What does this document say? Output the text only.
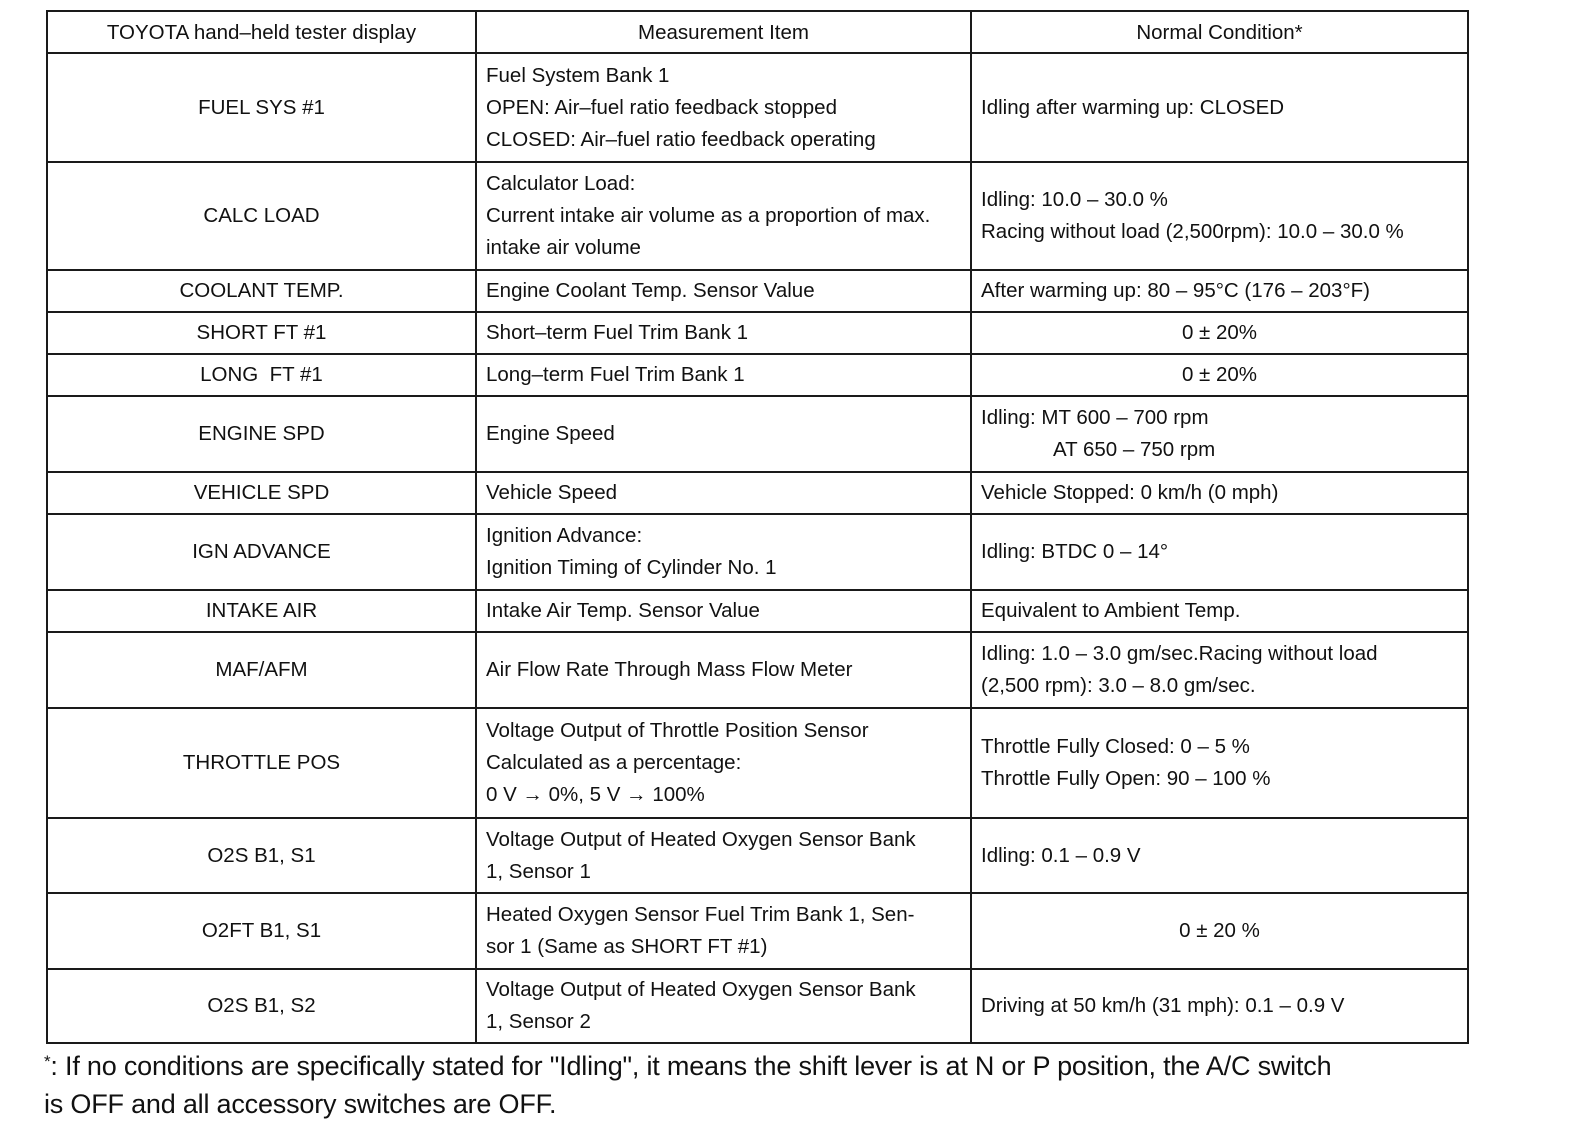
TOYOTA hand–held tester display	Measurement Item	Normal Condition*
FUEL SYS #1	Fuel System Bank 1
OPEN: Air–fuel ratio feedback stopped
CLOSED: Air–fuel ratio feedback operating	Idling after warming up: CLOSED

CALC LOAD	Calculator Load:
Current intake air volume as a proportion of max.
intake air volume	Idling: 10.0 – 30.0 %
Racing without load (2,500rpm): 10.0 – 30.0 %

COOLANT TEMP.	Engine Coolant Temp. Sensor Value	After warming up: 80 – 95°C (176 – 203°F)

SHORT FT #1	Short–term Fuel Trim Bank 1	0 ± 20%

LONG  FT #1	Long–term Fuel Trim Bank 1	0 ± 20%

ENGINE SPD	Engine Speed	Idling: MT 600 – 700 rpm
AT 650 – 750 rpm

VEHICLE SPD	Vehicle Speed	Vehicle Stopped: 0 km/h (0 mph)

IGN ADVANCE	Ignition Advance:
Ignition Timing of Cylinder No. 1	Idling: BTDC 0 – 14°

INTAKE AIR	Intake Air Temp. Sensor Value	Equivalent to Ambient Temp.

MAF/AFM	Air Flow Rate Through Mass Flow Meter	Idling: 1.0 – 3.0 gm/sec.Racing without load
(2,500 rpm): 3.0 – 8.0 gm/sec.

THROTTLE POS	Voltage Output of Throttle Position Sensor
Calculated as a percentage:
0 V → 0%, 5 V → 100%	Throttle Fully Closed: 0 – 5 %
Throttle Fully Open: 90 – 100 %

O2S B1, S1	Voltage Output of Heated Oxygen Sensor Bank
1, Sensor 1	Idling: 0.1 – 0.9 V

O2FT B1, S1	Heated Oxygen Sensor Fuel Trim Bank 1, Sen-
sor 1 (Same as SHORT FT #1)	0 ± 20 %

O2S B1, S2	Voltage Output of Heated Oxygen Sensor Bank
1, Sensor 2	Driving at 50 km/h (31 mph): 0.1 – 0.9 V
*: If no conditions are specifically stated for "Idling", it means the shift lever is at N or P position, the A/C switch
is OFF and all accessory switches are OFF.
